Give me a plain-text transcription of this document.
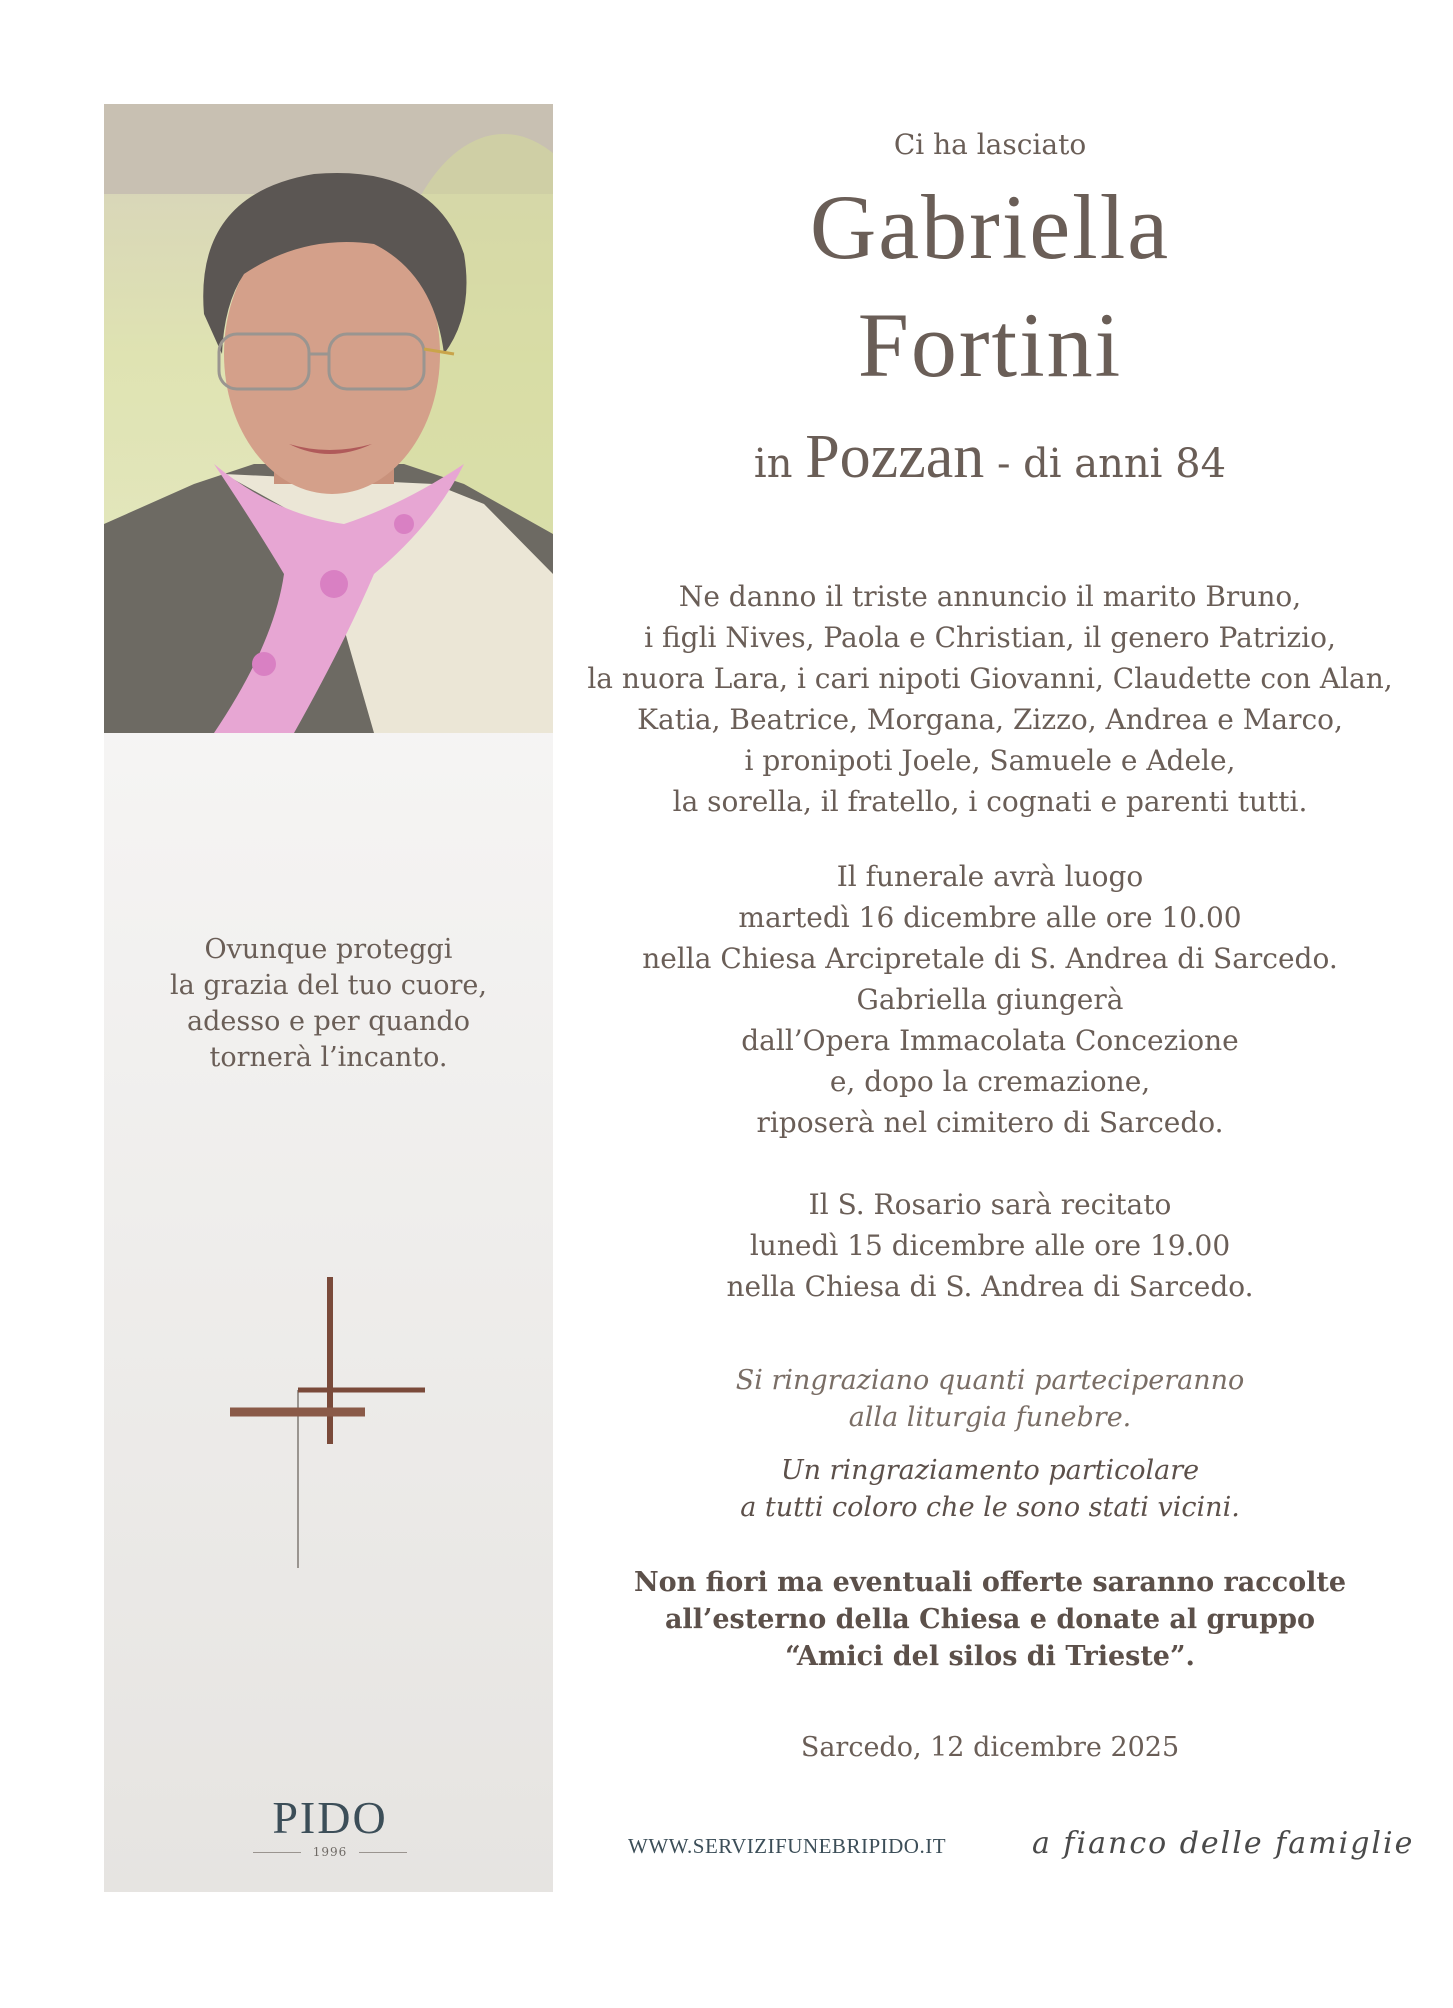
Ovunque proteggi
la grazia del tuo cuore,
adesso e per quando
tornerà l’incanto.
PIDO
1996
Ci ha lasciato
Gabriella
Fortini
in Pozzan - di anni 84
Ne danno il triste annuncio il marito Bruno,
i figli Nives, Paola e Christian, il genero Patrizio,
la nuora Lara, i cari nipoti Giovanni, Claudette con Alan,
Katia, Beatrice, Morgana, Zizzo, Andrea e Marco,
i pronipoti Joele, Samuele e Adele,
la sorella, il fratello, i cognati e parenti tutti.
Il funerale avrà luogo
martedì 16 dicembre alle ore 10.00
nella Chiesa Arcipretale di S. Andrea di Sarcedo.
Gabriella giungerà
dall’Opera Immacolata Concezione
e, dopo la cremazione,
riposerà nel cimitero di Sarcedo.
Il S. Rosario sarà recitato
lunedì 15 dicembre alle ore 19.00
nella Chiesa di S. Andrea di Sarcedo.
Si ringraziano quanti parteciperanno
alla liturgia funebre.
Un ringraziamento particolare
a tutti coloro che le sono stati vicini.
Non fiori ma eventuali offerte saranno raccolte
all’esterno della Chiesa e donate al gruppo
“Amici del silos di Trieste”.
Sarcedo, 12 dicembre 2025
WWW.SERVIZIFUNEBRIPIDO.IT	a fianco delle famiglie
